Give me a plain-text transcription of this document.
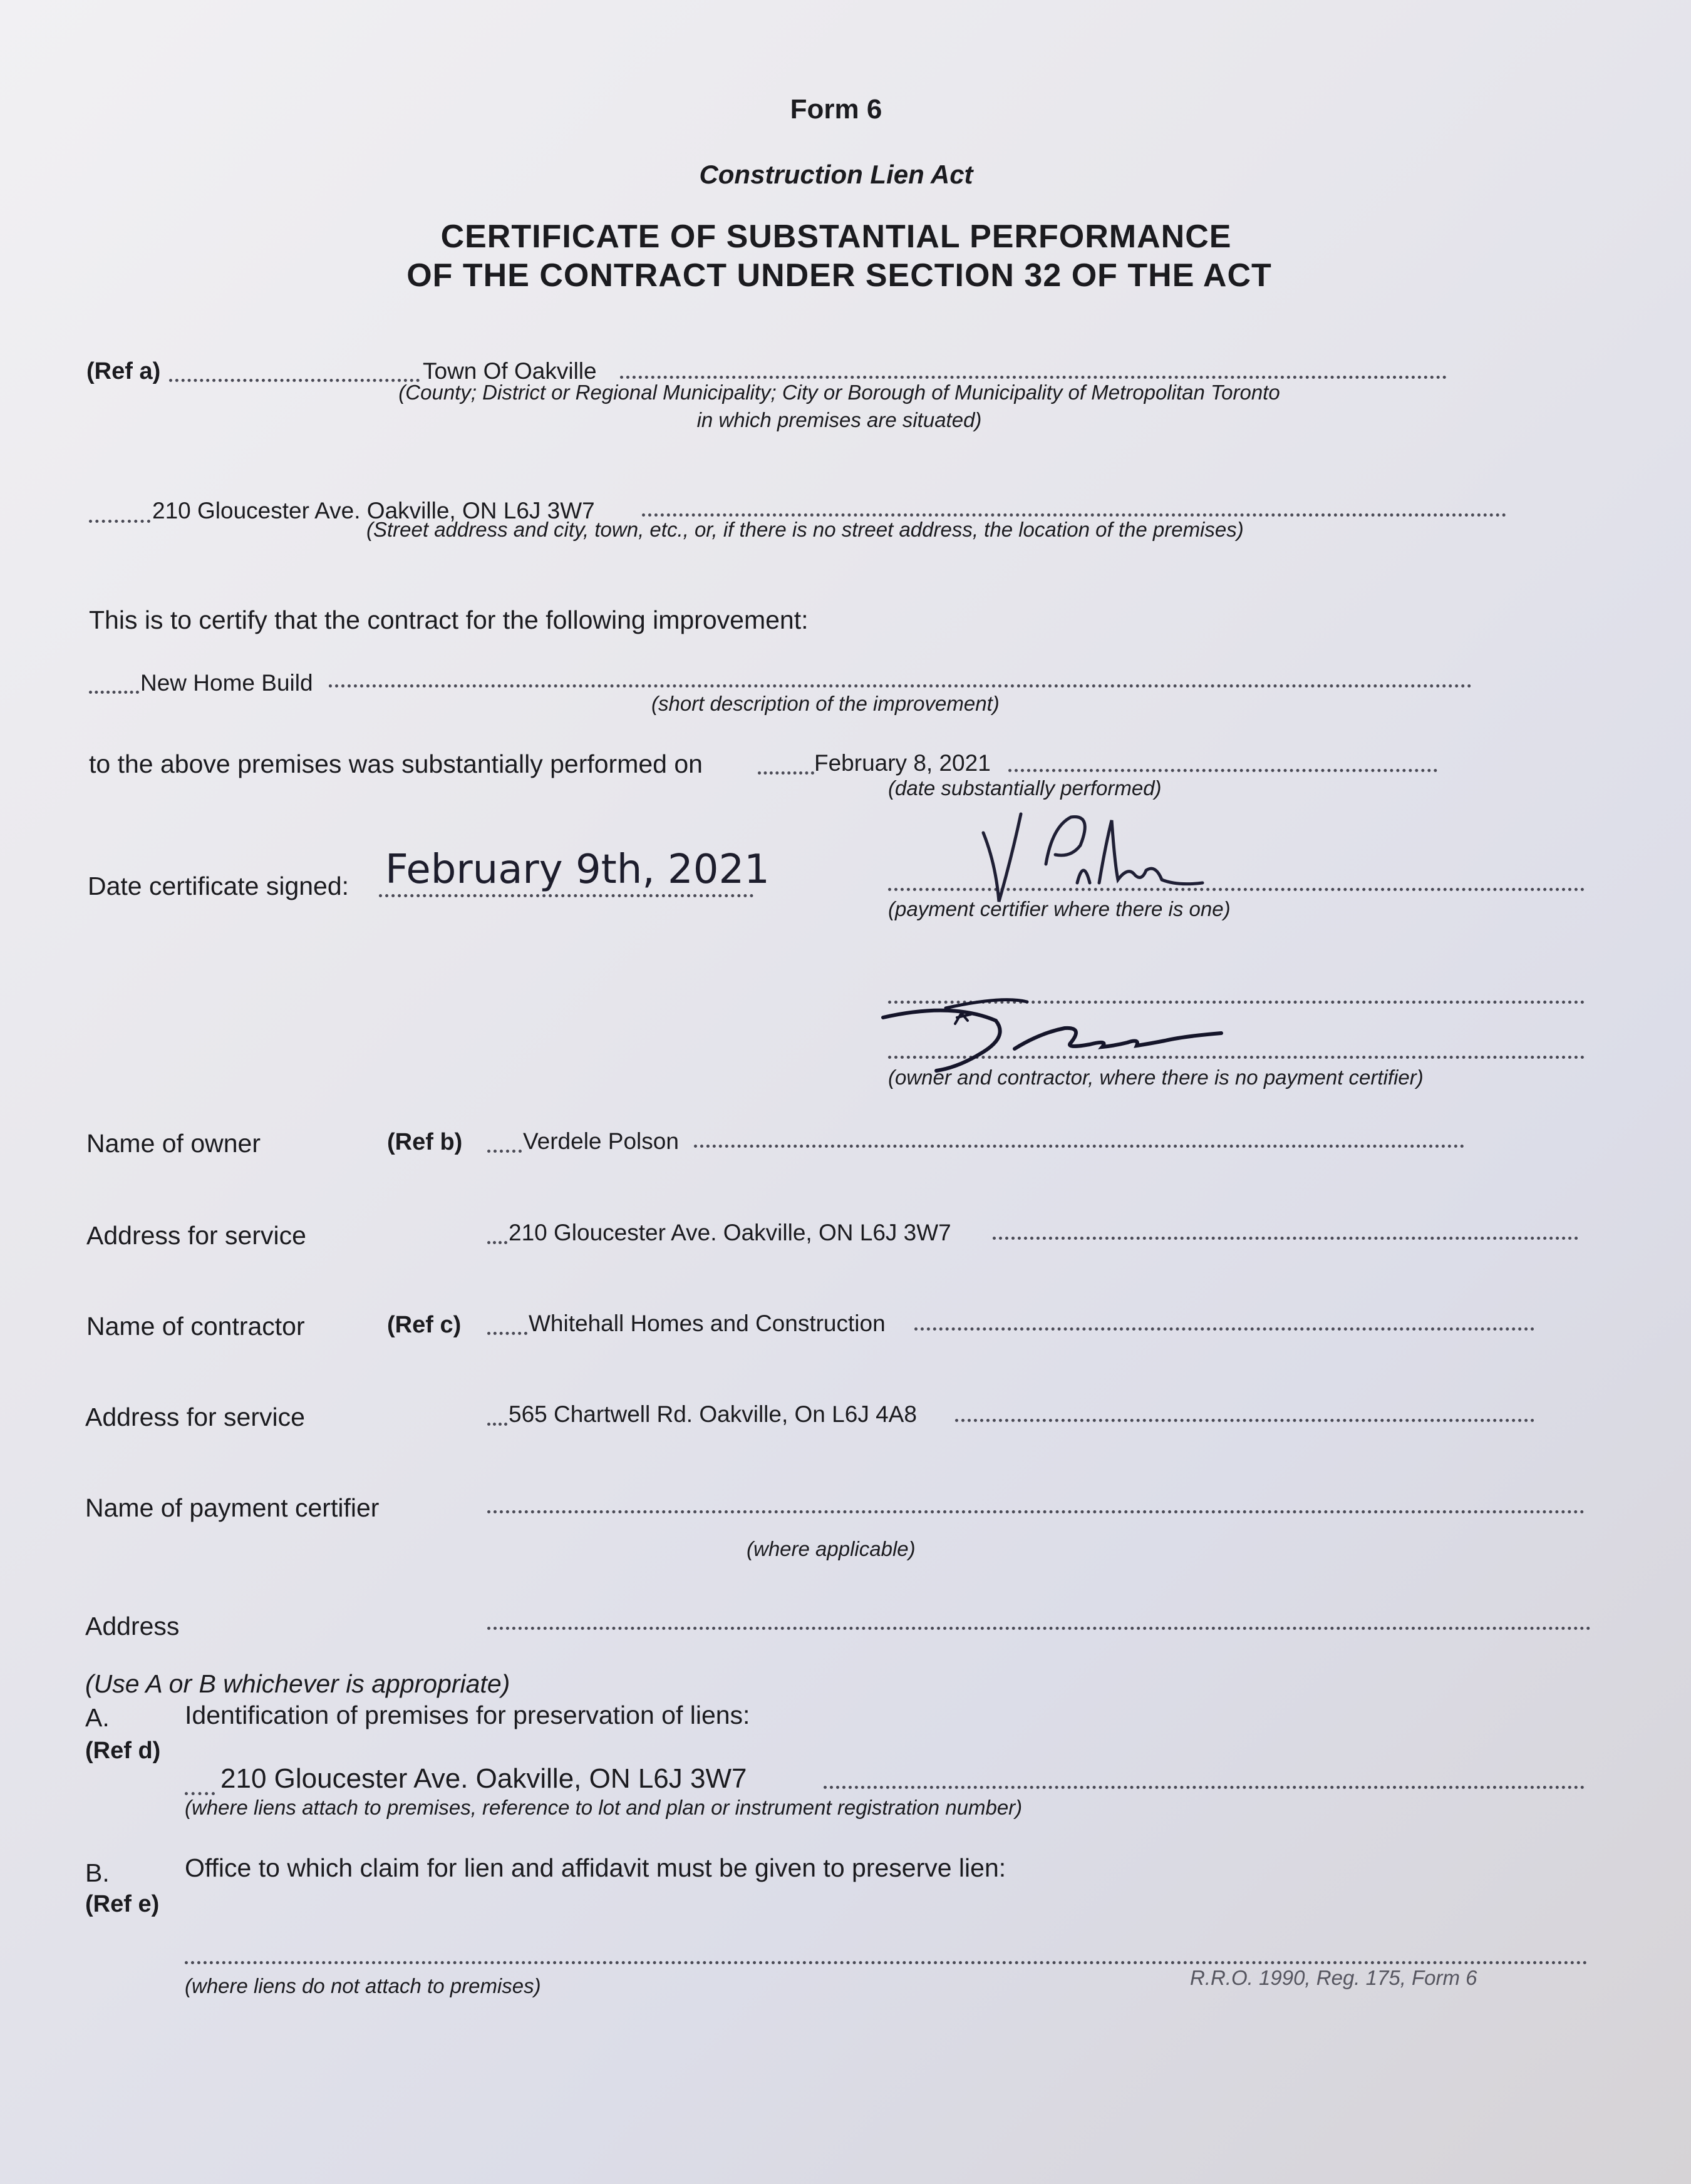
Form 6
Construction Lien Act
CERTIFICATE OF SUBSTANTIAL PERFORMANCE
OF THE CONTRACT UNDER SECTION 32 OF THE ACT
(Ref a)	Town Of Oakville
(County; District or Regional Municipality; City or Borough of Municipality of Metropolitan Toronto
in which premises are situated)
210 Gloucester Ave. Oakville, ON L6J 3W7
(Street address and city, town, etc., or, if there is no street address, the location of the premises)
This is to certify that the contract for the following improvement:
New Home Build
(short description of the improvement)
to the above premises was substantially performed on	February 8, 2021
(date substantially performed)
Date certificate signed: February 9th, 2021
(payment certifier where there is one)
(owner and contractor, where there is no payment certifier)
Name of owner	(Ref b)	Verdele Polson
Address for service	210 Gloucester Ave. Oakville, ON L6J 3W7
Name of contractor	(Ref c)	Whitehall Homes and Construction
Address for service	565 Chartwell Rd. Oakville, On L6J 4A8
Name of payment certifier
(where applicable)
Address
(Use A or B whichever is appropriate)
A.
(Ref d)
Identification of premises for preservation of liens:
210 Gloucester Ave. Oakville, ON L6J 3W7
(where liens attach to premises, reference to lot and plan or instrument registration number)
B.
(Ref e)
Office to which claim for lien and affidavit must be given to preserve lien:
(where liens do not attach to premises)	R.R.O. 1990, Reg. 175, Form 6
